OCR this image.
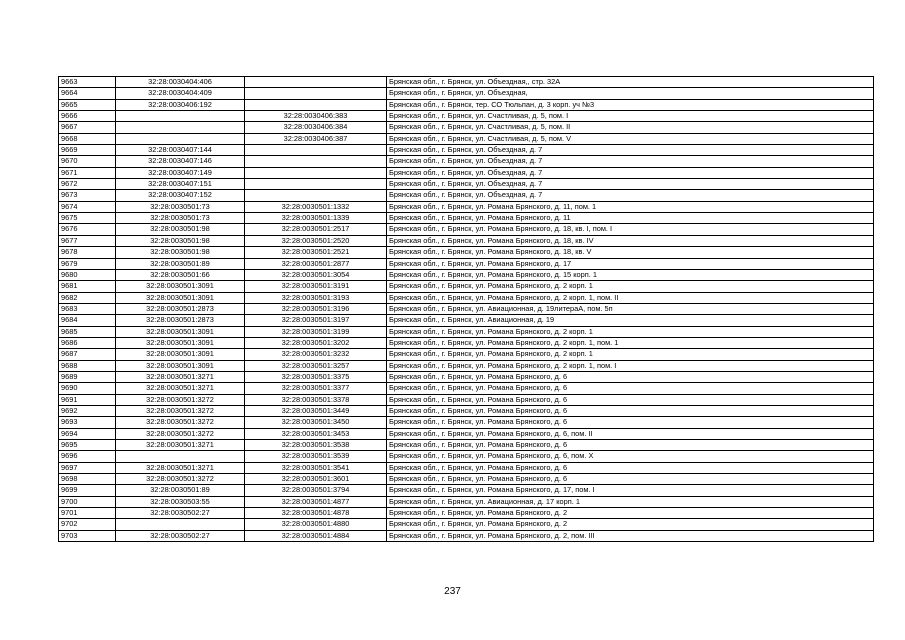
9663	32:28:0030404:406		Брянская обл., г. Брянск, ул. Объездная,, стр. 32А
9664	32:28:0030404:409		Брянская обл., г. Брянск, ул. Объездная,
9665	32:28:0030406:192		Брянская обл., г. Брянск, тер. СО Тюльпан, д. 3 корп. уч №3
9666		32:28:0030406:383	Брянская обл., г. Брянск, ул. Счастливая, д. 5, пом. I
9667		32:28:0030406:384	Брянская обл., г. Брянск, ул. Счастливая, д. 5, пом. II
9668		32:28:0030406:387	Брянская обл., г. Брянск, ул. Счастливая, д. 5, пом. V
9669	32:28:0030407:144		Брянская обл., г. Брянск, ул. Объездная, д. 7
9670	32:28:0030407:146		Брянская обл., г. Брянск, ул. Объездная, д. 7
9671	32:28:0030407:149		Брянская обл., г. Брянск, ул. Объездная, д. 7
9672	32:28:0030407:151		Брянская обл., г. Брянск, ул. Объездная, д. 7
9673	32:28:0030407:152		Брянская обл., г. Брянск, ул. Объездная, д. 7
9674	32:28:0030501:73	32:28:0030501:1332	Брянская обл., г. Брянск, ул. Романа Брянского, д. 11, пом. 1
9675	32:28:0030501:73	32:28:0030501:1339	Брянская обл., г. Брянск, ул. Романа Брянского, д. 11
9676	32:28:0030501:98	32:28:0030501:2517	Брянская обл., г. Брянск, ул. Романа Брянского, д. 18, кв. I, пом. I
9677	32:28:0030501:98	32:28:0030501:2520	Брянская обл., г. Брянск, ул. Романа Брянского, д. 18, кв. IV
9678	32:28:0030501:98	32:28:0030501:2521	Брянская обл., г. Брянск, ул. Романа Брянского, д. 18, кв. V
9679	32:28:0030501:89	32:28:0030501:2877	Брянская обл., г. Брянск, ул. Романа Брянского, д. 17
9680	32:28:0030501:66	32:28:0030501:3054	Брянская обл., г. Брянск, ул. Романа Брянского, д. 15 корп. 1
9681	32:28:0030501:3091	32:28:0030501:3191	Брянская обл., г. Брянск, ул. Романа Брянского, д. 2 корп. 1
9682	32:28:0030501:3091	32:28:0030501:3193	Брянская обл., г. Брянск, ул. Романа Брянского, д. 2 корп. 1, пом. II
9683	32:28:0030501:2873	32:28:0030501:3196	Брянская обл., г. Брянск, ул. Авиационная, д. 19литераА, пом. 5п
9684	32:28:0030501:2873	32:28:0030501:3197	Брянская обл., г. Брянск, ул. Авиационная, д. 19
9685	32:28:0030501:3091	32:28:0030501:3199	Брянская обл., г. Брянск, ул. Романа Брянского, д. 2 корп. 1
9686	32:28:0030501:3091	32:28:0030501:3202	Брянская обл., г. Брянск, ул. Романа Брянского, д. 2 корп. 1, пом. 1
9687	32:28:0030501:3091	32:28:0030501:3232	Брянская обл., г. Брянск, ул. Романа Брянского, д. 2 корп. 1
9688	32:28:0030501:3091	32:28:0030501:3257	Брянская обл., г. Брянск, ул. Романа Брянского, д. 2 корп. 1, пом. I
9689	32:28:0030501:3271	32:28:0030501:3375	Брянская обл., г. Брянск, ул. Романа Брянского, д. 6
9690	32:28:0030501:3271	32:28:0030501:3377	Брянская обл., г. Брянск, ул. Романа Брянского, д. 6
9691	32:28:0030501:3272	32:28:0030501:3378	Брянская обл., г. Брянск, ул. Романа Брянского, д. 6
9692	32:28:0030501:3272	32:28:0030501:3449	Брянская обл., г. Брянск, ул. Романа Брянского, д. 6
9693	32:28:0030501:3272	32:28:0030501:3450	Брянская обл., г. Брянск, ул. Романа Брянского, д. 6
9694	32:28:0030501:3272	32:28:0030501:3453	Брянская обл., г. Брянск, ул. Романа Брянского, д. 6, пом. II
9695	32:28:0030501:3271	32:28:0030501:3538	Брянская обл., г. Брянск, ул. Романа Брянского, д. 6
9696		32:28:0030501:3539	Брянская обл., г. Брянск, ул. Романа Брянского, д. 6, пом. X
9697	32:28:0030501:3271	32:28:0030501:3541	Брянская обл., г. Брянск, ул. Романа Брянского, д. 6
9698	32:28:0030501:3272	32:28:0030501:3601	Брянская обл., г. Брянск, ул. Романа Брянского, д. 6
9699	32:28:0030501:89	32:28:0030501:3794	Брянская обл., г. Брянск, ул. Романа Брянского, д. 17, пом. I
9700	32:28:0030503:55	32:28:0030501:4877	Брянская обл., г. Брянск, ул. Авиационная, д. 17 корп. 1
9701	32:28:0030502:27	32:28:0030501:4878	Брянская обл., г. Брянск, ул. Романа Брянского, д. 2
9702		32:28:0030501:4880	Брянская обл., г. Брянск, ул. Романа Брянского, д. 2
9703	32:28:0030502:27	32:28:0030501:4884	Брянская обл., г. Брянск, ул. Романа Брянского, д. 2, пом. III
237
